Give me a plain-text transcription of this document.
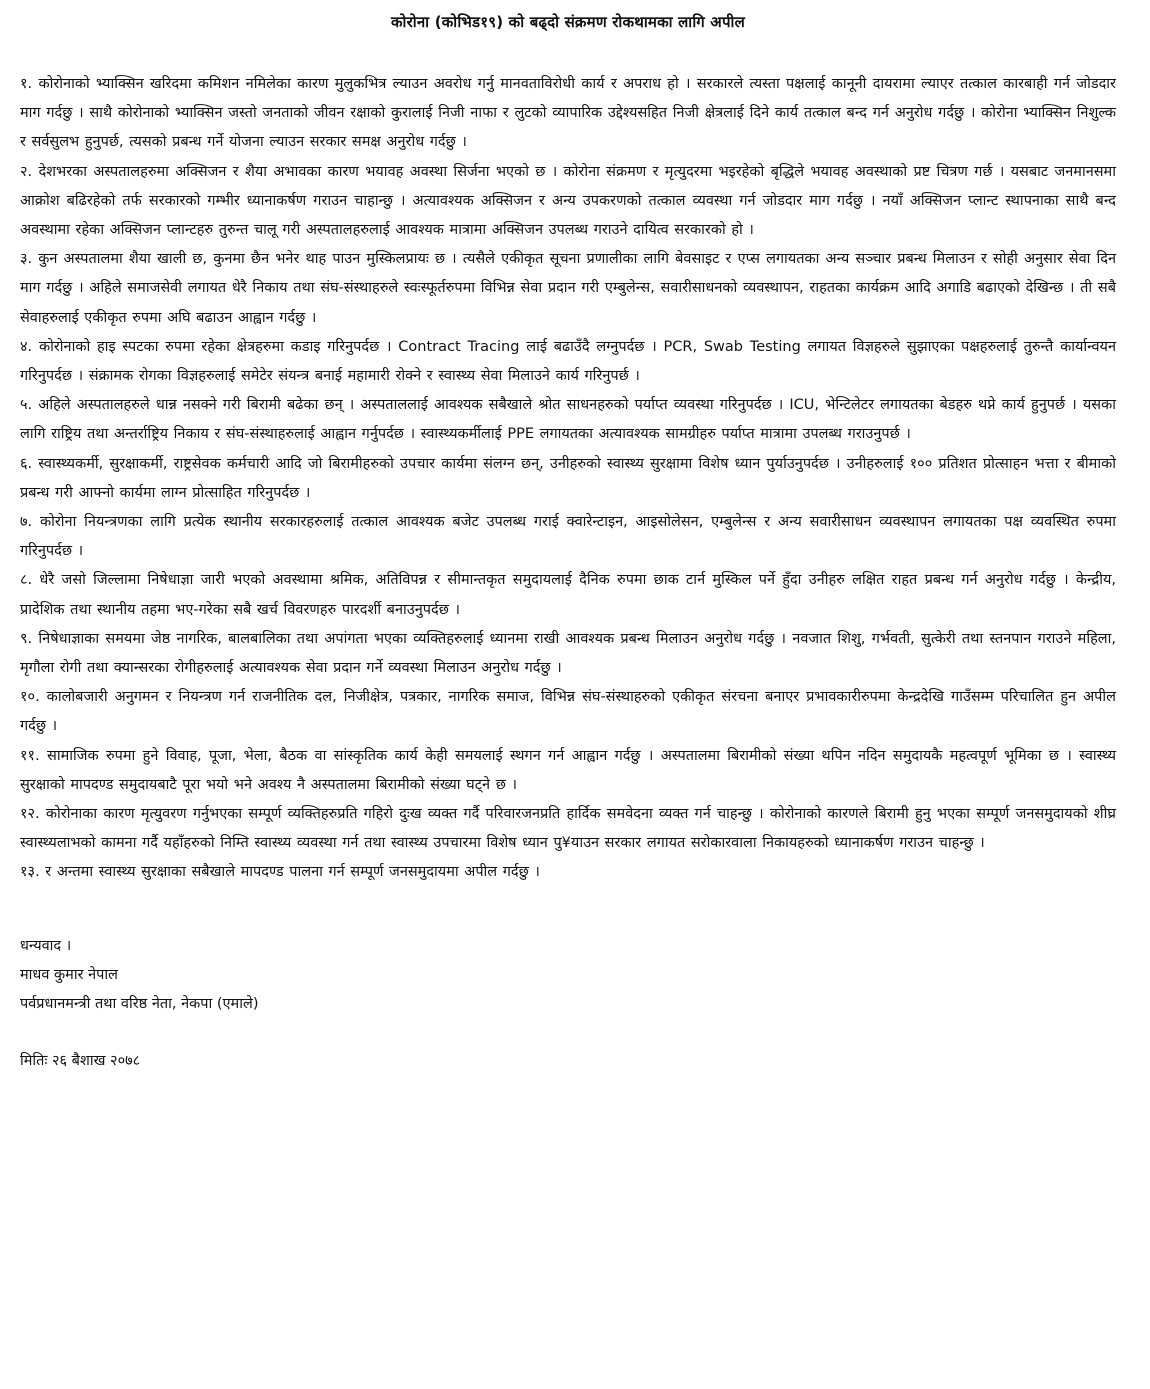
कोरोना (कोभिड१९) को बढ्दो संक्रमण रोकथामका लागि अपील

१. कोरोनाको भ्याक्सिन खरिदमा कमिशन नमिलेका कारण मुलुकभित्र ल्याउन अवरोध गर्नु मानवताविरोधी कार्य र अपराध हो । सरकारले त्यस्ता पक्षलाई कानूनी दायरामा ल्याएर तत्काल कारबाही गर्न जोडदार माग गर्दछु । साथै कोरोनाको भ्याक्सिन जस्तो जनताको जीवन रक्षाको कुरालाई निजी नाफा र लुटको व्यापारिक उद्देश्यसहित निजी क्षेत्रलाई दिने कार्य तत्काल बन्द गर्न अनुरोध गर्दछु । कोरोना भ्याक्सिन निशुल्क र सर्वसुलभ हुनुपर्छ, त्यसको प्रबन्ध गर्ने योजना ल्याउन सरकार समक्ष अनुरोध गर्दछु ।

२. देशभरका अस्पतालहरुमा अक्सिजन र शैया अभावका कारण भयावह अवस्था सिर्जना भएको छ । कोरोना संक्रमण र मृत्युदरमा भइरहेको बृद्धिले भयावह अवस्थाको प्रष्ट चित्रण गर्छ । यसबाट जनमानसमा आक्रोश बढिरहेको तर्फ सरकारको गम्भीर ध्यानाकर्षण गराउन चाहान्छु । अत्यावश्यक अक्सिजन र अन्य उपकरणको तत्काल व्यवस्था गर्न जोडदार माग गर्दछु । नयाँ अक्सिजन प्लान्ट स्थापनाका साथै बन्द अवस्थामा रहेका अक्सिजन प्लान्टहरु तुरुन्त चालू गरी अस्पतालहरुलाई आवश्यक मात्रामा अक्सिजन उपलब्ध गराउने दायित्व सरकारको हो ।

३. कुन अस्पतालमा शैया खाली छ, कुनमा छैन भनेर थाह पाउन मुस्किलप्रायः छ । त्यसैले एकीकृत सूचना प्रणालीका लागि बेवसाइट र एप्स लगायतका अन्य सञ्चार प्रबन्ध मिलाउन र सोही अनुसार सेवा दिन माग गर्दछु । अहिले समाजसेवी लगायत धेरै निकाय तथा संघ-संस्थाहरुले स्वःस्फूर्तरुपमा विभिन्न सेवा प्रदान गरी एम्बुलेन्स, सवारीसाधनको व्यवस्थापन, राहतका कार्यक्रम आदि अगाडि बढाएको देखिन्छ । ती सबै सेवाहरुलाई एकीकृत रुपमा अघि बढाउन आह्वान गर्दछु ।

४. कोरोनाको हाइ स्पटका रुपमा रहेका क्षेत्रहरुमा कडाइ गरिनुपर्दछ । Contract Tracing लाई बढाउँदै लग्नुपर्दछ । PCR, Swab Testing लगायत विज्ञहरुले सुझाएका पक्षहरुलाई तुरुन्तै कार्यान्वयन गरिनुपर्दछ । संक्रामक रोगका विज्ञहरुलाई समेटेर संयन्त्र बनाई महामारी रोक्ने र स्वास्थ्य सेवा मिलाउने कार्य गरिनुपर्छ ।

५. अहिले अस्पतालहरुले धान्न नसक्ने गरी बिरामी बढेका छन् । अस्पताललाई आवश्यक सबैखाले श्रोत साधनहरुको पर्याप्त व्यवस्था गरिनुपर्दछ । ICU, भेन्टिलेटर लगायतका बेडहरु थप्ने कार्य हुनुपर्छ । यसका लागि राष्ट्रिय तथा अन्तर्राष्ट्रिय निकाय र संघ-संस्थाहरुलाई आह्वान गर्नुपर्दछ । स्वास्थ्यकर्मीलाई PPE लगायतका अत्यावश्यक सामग्रीहरु पर्याप्त मात्रामा उपलब्ध गराउनुपर्छ ।

६. स्वास्थ्यकर्मी, सुरक्षाकर्मी, राष्ट्रसेवक कर्मचारी आदि जो बिरामीहरुको उपचार कार्यमा संलग्न छन्, उनीहरुको स्वास्थ्य सुरक्षामा विशेष ध्यान पुर्याउनुपर्दछ । उनीहरुलाई १०० प्रतिशत प्रोत्साहन भत्ता र बीमाको प्रबन्ध गरी आफ्नो कार्यमा लाग्न प्रोत्साहित गरिनुपर्दछ ।

७. कोरोना नियन्त्रणका लागि प्रत्येक स्थानीय सरकारहरुलाई तत्काल आवश्यक बजेट उपलब्ध गराई क्वारेन्टाइन, आइसोलेसन, एम्बुलेन्स र अन्य सवारीसाधन व्यवस्थापन लगायतका पक्ष व्यवस्थित रुपमा गरिनुपर्दछ ।

८. धेरै जसो जिल्लामा निषेधाज्ञा जारी भएको अवस्थामा श्रमिक, अतिविपन्न र सीमान्तकृत समुदायलाई दैनिक रुपमा छाक टार्न मुस्किल पर्ने हुँदा उनीहरु लक्षित राहत प्रबन्ध गर्न अनुरोध गर्दछु । केन्द्रीय, प्रादेशिक तथा स्थानीय तहमा भए-गरेका सबै खर्च विवरणहरु पारदर्शी बनाउनुपर्दछ ।

९. निषेधाज्ञाका समयमा जेष्ठ नागरिक, बालबालिका तथा अपांगता भएका व्यक्तिहरुलाई ध्यानमा राखी आवश्यक प्रबन्ध मिलाउन अनुरोध गर्दछु । नवजात शिशु, गर्भवती, सुत्केरी तथा स्तनपान गराउने महिला, मृगौला रोगी तथा क्यान्सरका रोगीहरुलाई अत्यावश्यक सेवा प्रदान गर्ने व्यवस्था मिलाउन अनुरोध गर्दछु ।

१०. कालोबजारी अनुगमन र नियन्त्रण गर्न राजनीतिक दल, निजीक्षेत्र, पत्रकार, नागरिक समाज, विभिन्न संघ-संस्थाहरुको एकीकृत संरचना बनाएर प्रभावकारीरुपमा केन्द्रदेखि गाउँसम्म परिचालित हुन अपील गर्दछु ।

११. सामाजिक रुपमा हुने विवाह, पूजा, भेला, बैठक वा सांस्कृतिक कार्य केही समयलाई स्थगन गर्न आह्वान गर्दछु । अस्पतालमा बिरामीको संख्या थपिन नदिन समुदायकै महत्वपूर्ण भूमिका छ । स्वास्थ्य सुरक्षाको मापदण्ड समुदायबाटै पूरा भयो भने अवश्य नै अस्पतालमा बिरामीको संख्या घट्ने छ ।

१२. कोरोनाका कारण मृत्युवरण गर्नुभएका सम्पूर्ण व्यक्तिहरुप्रति गहिरो दुःख व्यक्त गर्दै परिवारजनप्रति हार्दिक समवेदना व्यक्त गर्न चाहन्छु । कोरोनाको कारणले बिरामी हुनु भएका सम्पूर्ण जनसमुदायको शीघ्र स्वास्थ्यलाभको कामना गर्दै यहाँहरुको निम्ति स्वास्थ्य व्यवस्था गर्न तथा स्वास्थ्य उपचारमा विशेष ध्यान पु¥याउन सरकार लगायत सरोकारवाला निकायहरुको ध्यानाकर्षण गराउन चाहन्छु ।

१३. र अन्तमा स्वास्थ्य सुरक्षाका सबैखाले मापदण्ड पालना गर्न सम्पूर्ण जनसमुदायमा अपील गर्दछु ।

धन्यवाद ।
माधव कुमार नेपाल
पर्वप्रधानमन्त्री तथा वरिष्ठ नेता, नेकपा (एमाले)
मितिः २६ बैशाख २०७८
